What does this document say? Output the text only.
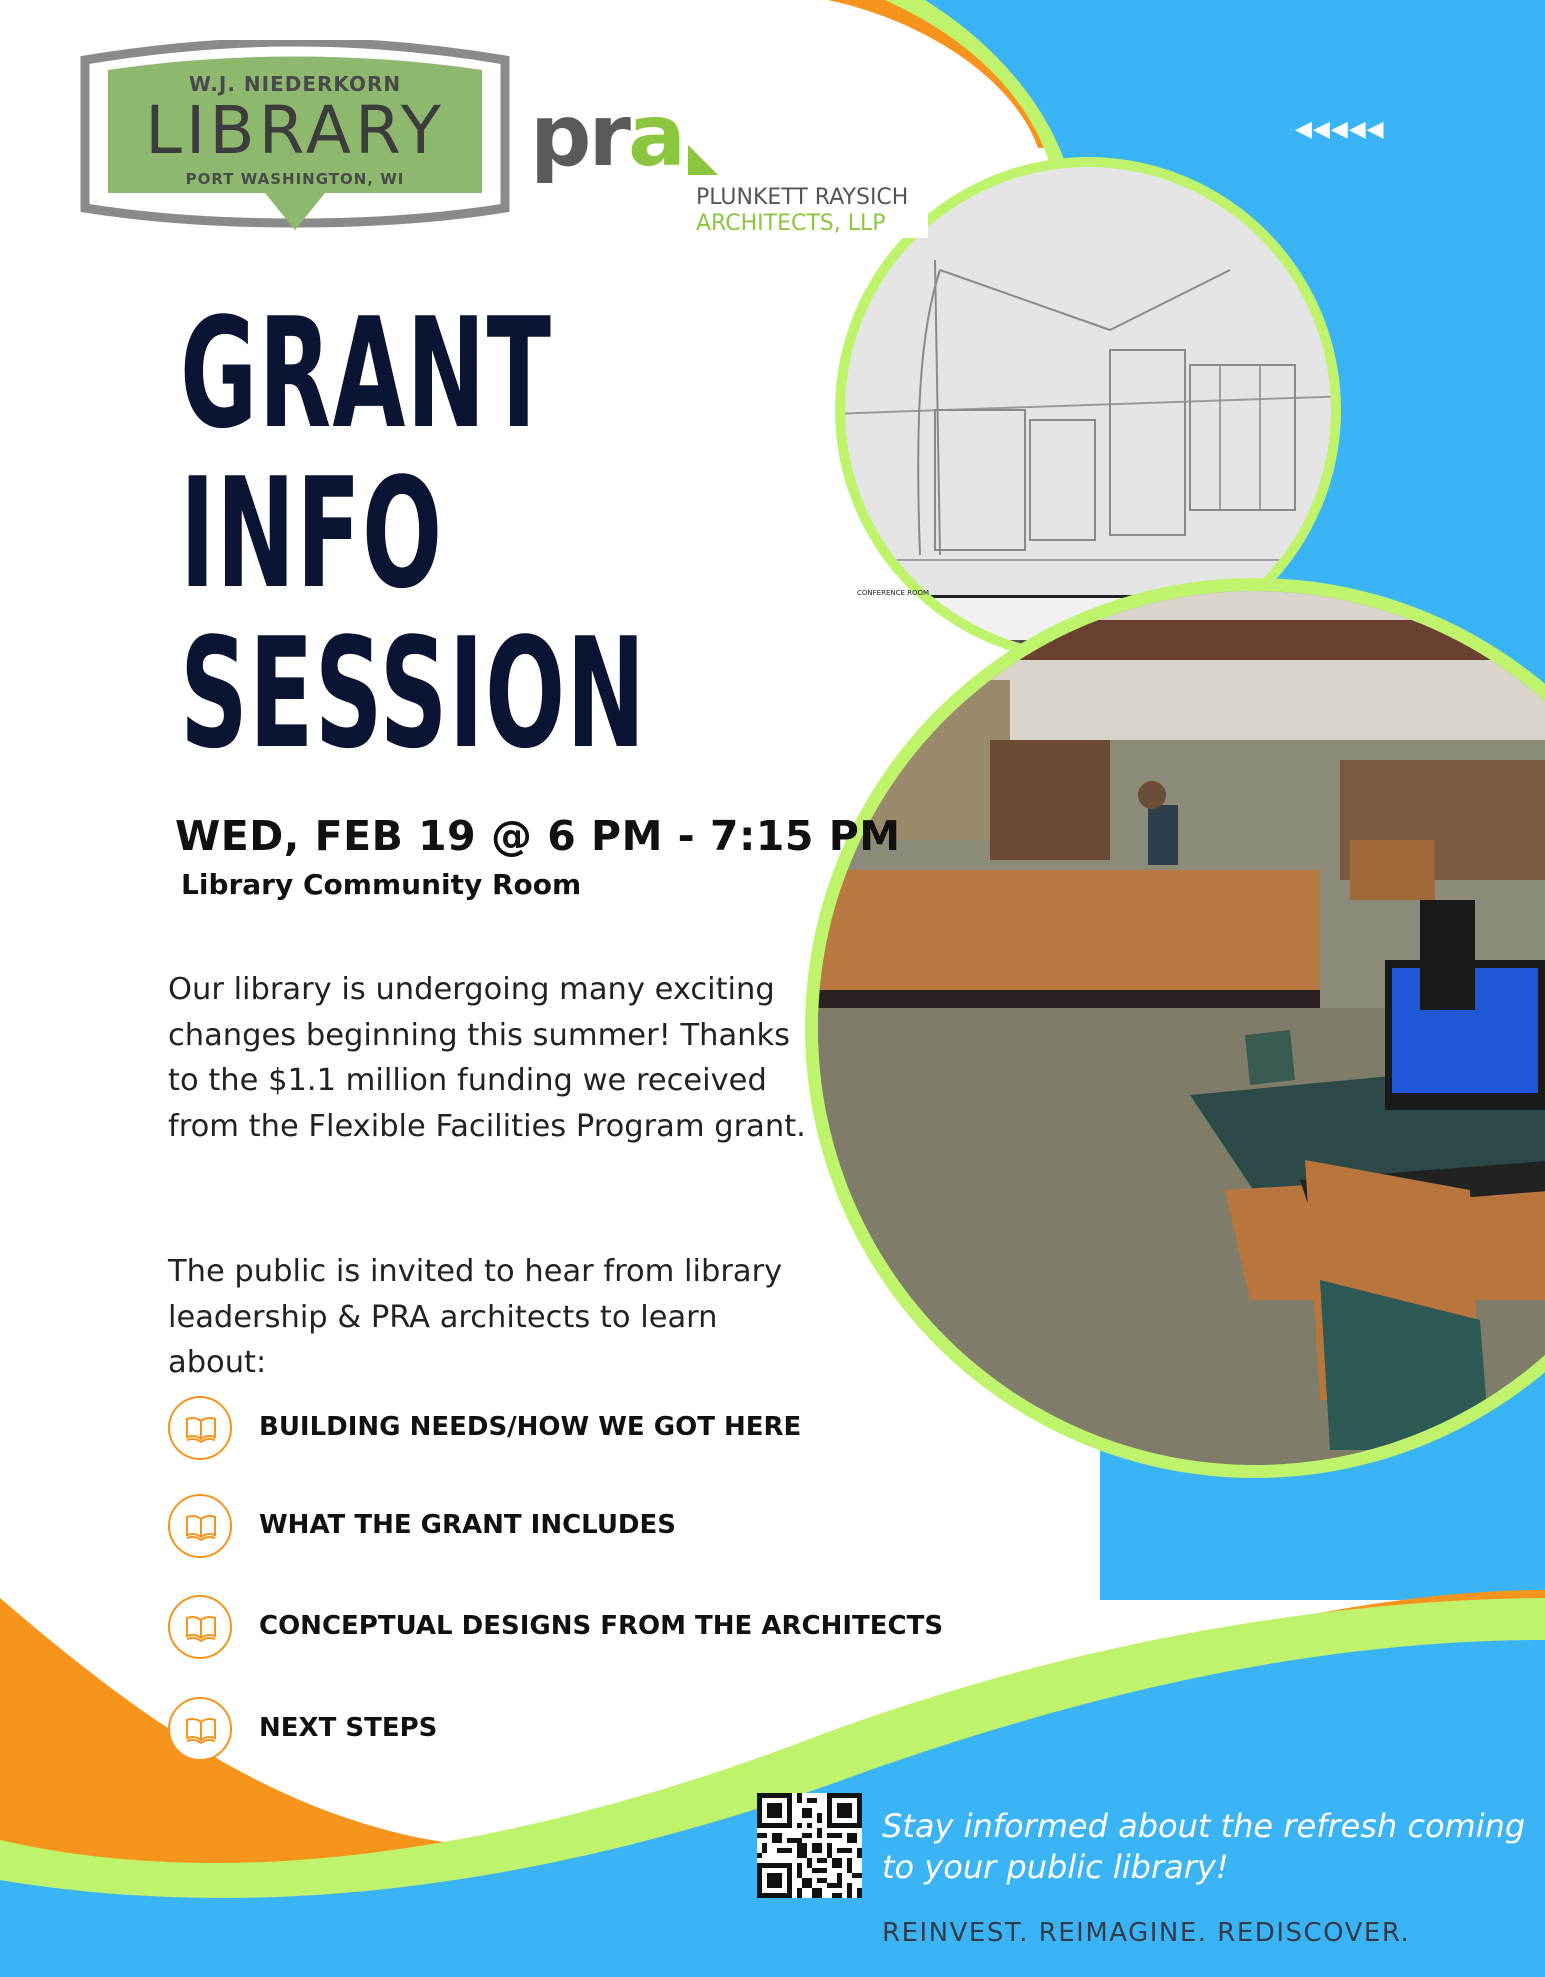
W.J. NIEDERKORN
LIBRARY
PORT WASHINGTON, WI	pra
PLUNKETT RAYSICH
ARCHITECTS, LLP
◀◀◀◀◀
GRANT
INFO
SESSION
WED, FEB 19 @ 6 PM - 7:15 PM
Library Community Room
Our library is undergoing many exciting changes beginning this summer! Thanks to the $1.1 million funding we received from the Flexible Facilities Program grant.
The public is invited to hear from library leadership & PRA architects to learn about:
BUILDING NEEDS/HOW WE GOT HERE
WHAT THE GRANT INCLUDES
CONCEPTUAL DESIGNS FROM THE ARCHITECTS
NEXT STEPS
Stay informed about the refresh coming to your public library!
REINVEST. REIMAGINE. REDISCOVER.
CONFERENCE ROOM
